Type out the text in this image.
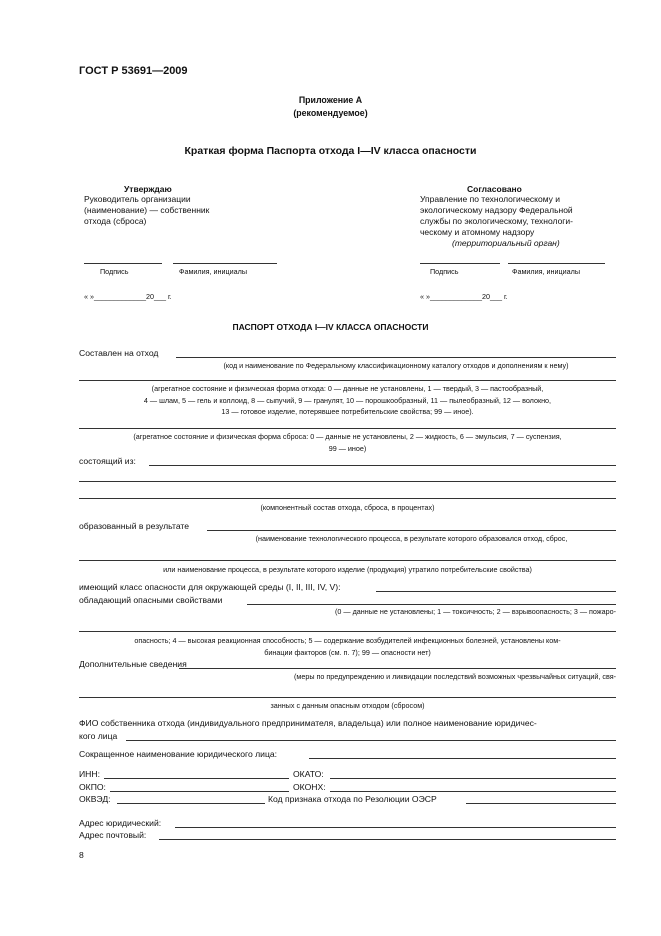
ГОСТ Р 53691—2009
Приложение А
(рекомендуемое)
Краткая форма Паспорта отхода I—IV класса опасности
Утверждаю
Руководитель организации
(наименование) — собственник
отхода (сброса)
Подпись	Фамилия, инициалы
« »_____________20___ г.
Согласовано
Управление по технологическому и
экологическому надзору Федеральной
службы по экологическому, технологи-
ческому и атомному надзору
(территориальный орган)
Подпись	Фамилия, инициалы
« »_____________20___ г.
ПАСПОРТ ОТХОДА I—IV КЛАССА ОПАСНОСТИ
Составлен на отход
(код и наименование по Федеральному классификационному каталогу отходов и дополнениям к нему)
(агрегатное состояние и физическая форма отхода: 0 — данные не установлены, 1 — твердый, 3 — пастообразный,
4 — шлам, 5 — гель и коллоид, 8 — сыпучий, 9 — гранулят, 10 — порошкообразный, 11 — пылеобразный, 12 — волокно,
13 — готовое изделие, потерявшее потребительские свойства; 99 — иное).
(агрегатное состояние и физическая форма сброса: 0 — данные не установлены, 2 — жидкость, 6 — эмульсия, 7 — суспензия,
99 — иное)
состоящий из:
(компонентный состав отхода, сброса, в процентах)
образованный в результате
(наименование технологического процесса, в результате которого образовался отход, сброс,
или наименование процесса, в результате которого изделие (продукция) утратило потребительские свойства)
имеющий класс опасности для окружающей среды (I, II, III, IV, V):
обладающий опасными свойствами
(0 — данные не установлены; 1 — токсичность; 2 — взрывоопасность; 3 — пожаро-
опасность; 4 — высокая реакционная способность; 5 — содержание возбудителей инфекционных болезней, установлены ком-
бинации факторов (см. п. 7); 99 — опасности нет)
Дополнительные сведения
(меры по предупреждению и ликвидации последствий возможных чрезвычайных ситуаций, свя-
занных с данным опасным отходом (сбросом)
ФИО собственника отхода (индивидуального предпринимателя, владельца) или полное наименование юридичес-
кого лица
Сокращенное наименование юридического лица:
ИНН:	ОКАТО:
ОКПО:	ОКОНХ:
ОКВЭД:	Код признака отхода по Резолюции ОЭСР
Адрес юридический:
Адрес почтовый:
8
